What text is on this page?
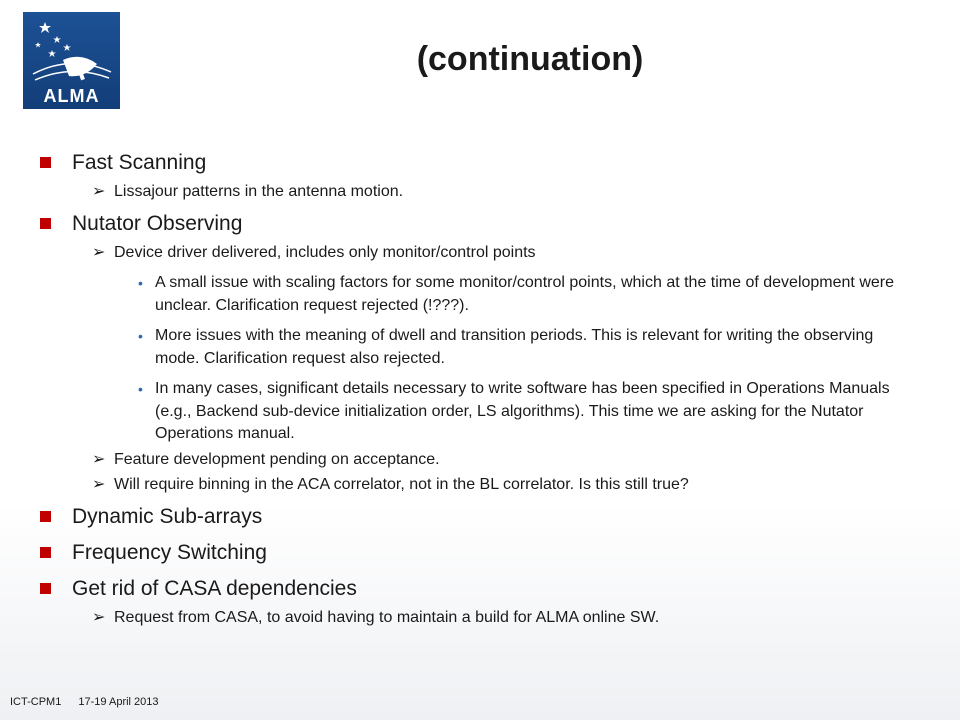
ALMA
(continuation)
Fast Scanning
➢ Lissajour patterns in the antenna motion.
Nutator Observing
➢ Device driver delivered, includes only monitor/control points
• A small issue with scaling factors for some monitor/control points, which at the time of development were unclear. Clarification request rejected (!???).
• More issues with the meaning of dwell and transition periods. This is relevant for writing the observing mode. Clarification request also rejected.
• In many cases, significant details necessary to write software has been specified in Operations Manuals (e.g., Backend sub-device initialization order, LS algorithms). This time we are asking for the Nutator Operations manual.
➢ Feature development pending on acceptance.
➢ Will require binning in the ACA correlator, not in the BL correlator. Is this still true?
Dynamic Sub-arrays
Frequency Switching
Get rid of CASA dependencies
➢ Request from CASA, to avoid having to maintain a build for ALMA online SW.
ICT-CPM1 17-19 April 2013
